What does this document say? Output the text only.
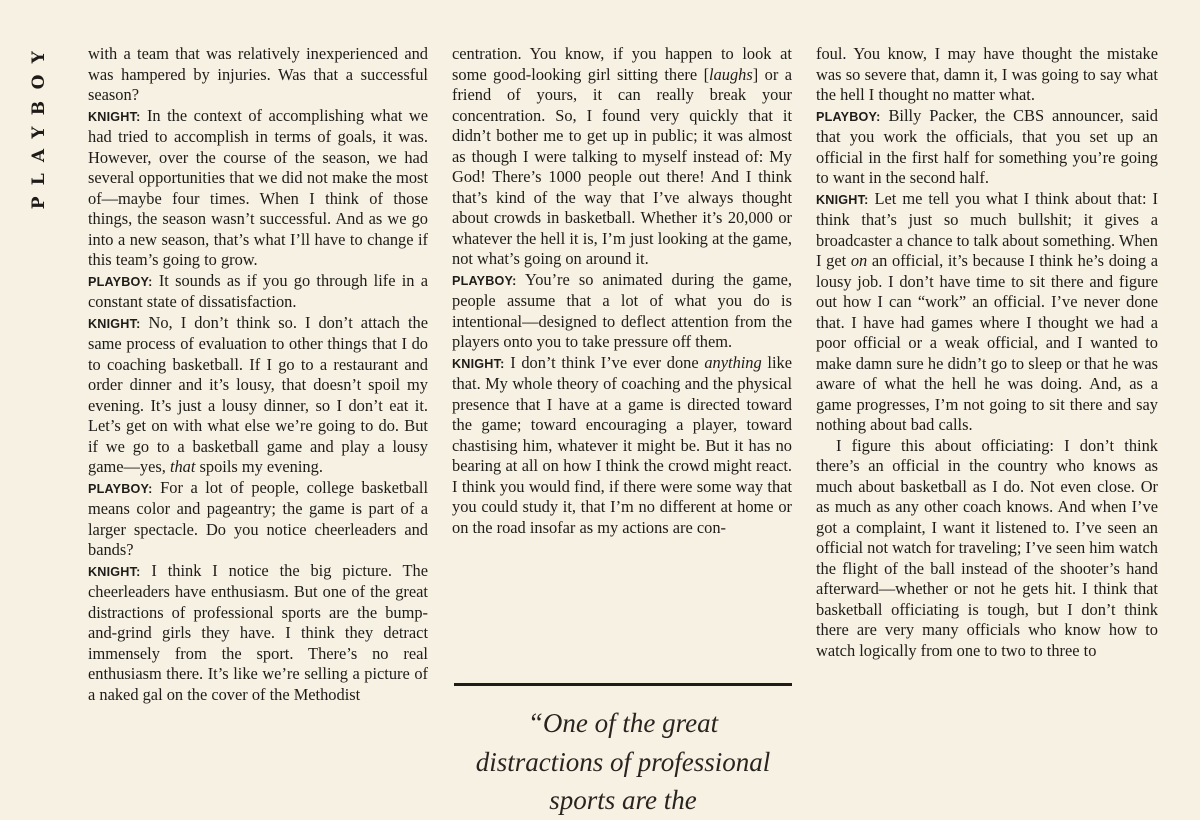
PLAYBOY with a team that was relatively inexperienced and was hampered by injuries. Was that a successful season?

KNIGHT: In the context of accomplishing what we had tried to accomplish in terms of goals, it was. However, over the course of the season, we had several opportunities that we did not make the most of—maybe four times. When I think of those things, the season wasn’t successful. And as we go into a new season, that’s what I’ll have to change if this team’s going to grow.

PLAYBOY: It sounds as if you go through life in a constant state of dissatisfaction.

KNIGHT: No, I don’t think so. I don’t attach the same process of evaluation to other things that I do to coaching basketball. If I go to a restaurant and order dinner and it’s lousy, that doesn’t spoil my evening. It’s just a lousy dinner, so I don’t eat it. Let’s get on with what else we’re going to do. But if we go to a basketball game and play a lousy game—yes, that spoils my evening.

PLAYBOY: For a lot of people, college basketball means color and pageantry; the game is part of a larger spectacle. Do you notice cheerleaders and bands?

KNIGHT: I think I notice the big picture. The cheerleaders have enthusiasm. But one of the great distractions of professional sports are the bump-and-grind girls they have. I think they detract immensely from the sport. There’s no real enthusiasm there. It’s like we’re selling a picture of a naked gal on the cover of the Methodist

centration. You know, if you happen to look at some good-looking girl sitting there [laughs] or a friend of yours, it can really break your concentration. So, I found very quickly that it didn’t bother me to get up in public; it was almost as though I were talking to myself instead of: My God! There’s 1000 people out there! And I think that’s kind of the way that I’ve always thought about crowds in basketball. Whether it’s 20,000 or whatever the hell it is, I’m just looking at the game, not what’s going on around it.

PLAYBOY: You’re so animated during the game, people assume that a lot of what you do is intentional—designed to deflect attention from the players onto you to take pressure off them.

KNIGHT: I don’t think I’ve ever done anything like that. My whole theory of coaching and the physical presence that I have at a game is directed toward the game; toward encouraging a player, toward chastising him, whatever it might be. But it has no bearing at all on how I think the crowd might react. I think you would find, if there were some way that you could study it, that I’m no different at home or on the road insofar as my actions are con-

“One of the great
distractions of professional
sports are the

foul. You know, I may have thought the mistake was so severe that, damn it, I was going to say what the hell I thought no matter what.

PLAYBOY: Billy Packer, the CBS announcer, said that you work the officials, that you set up an official in the first half for something you’re going to want in the second half.

KNIGHT: Let me tell you what I think about that: I think that’s just so much bullshit; it gives a broadcaster a chance to talk about something. When I get on an official, it’s because I think he’s doing a lousy job. I don’t have time to sit there and figure out how I can “work” an official. I’ve never done that. I have had games where I thought we had a poor official or a weak official, and I wanted to make damn sure he didn’t go to sleep or that he was aware of what the hell he was doing. And, as a game progresses, I’m not going to sit there and say nothing about bad calls.

I figure this about officiating: I don’t think there’s an official in the country who knows as much about basketball as I do. Not even close. Or as much as any other coach knows. And when I’ve got a complaint, I want it listened to. I’ve seen an official not watch for traveling; I’ve seen him watch the flight of the ball instead of the shooter’s hand afterward—whether or not he gets hit. I think that basketball officiating is tough, but I don’t think there are very many officials who know how to watch logically from one to two to three to
